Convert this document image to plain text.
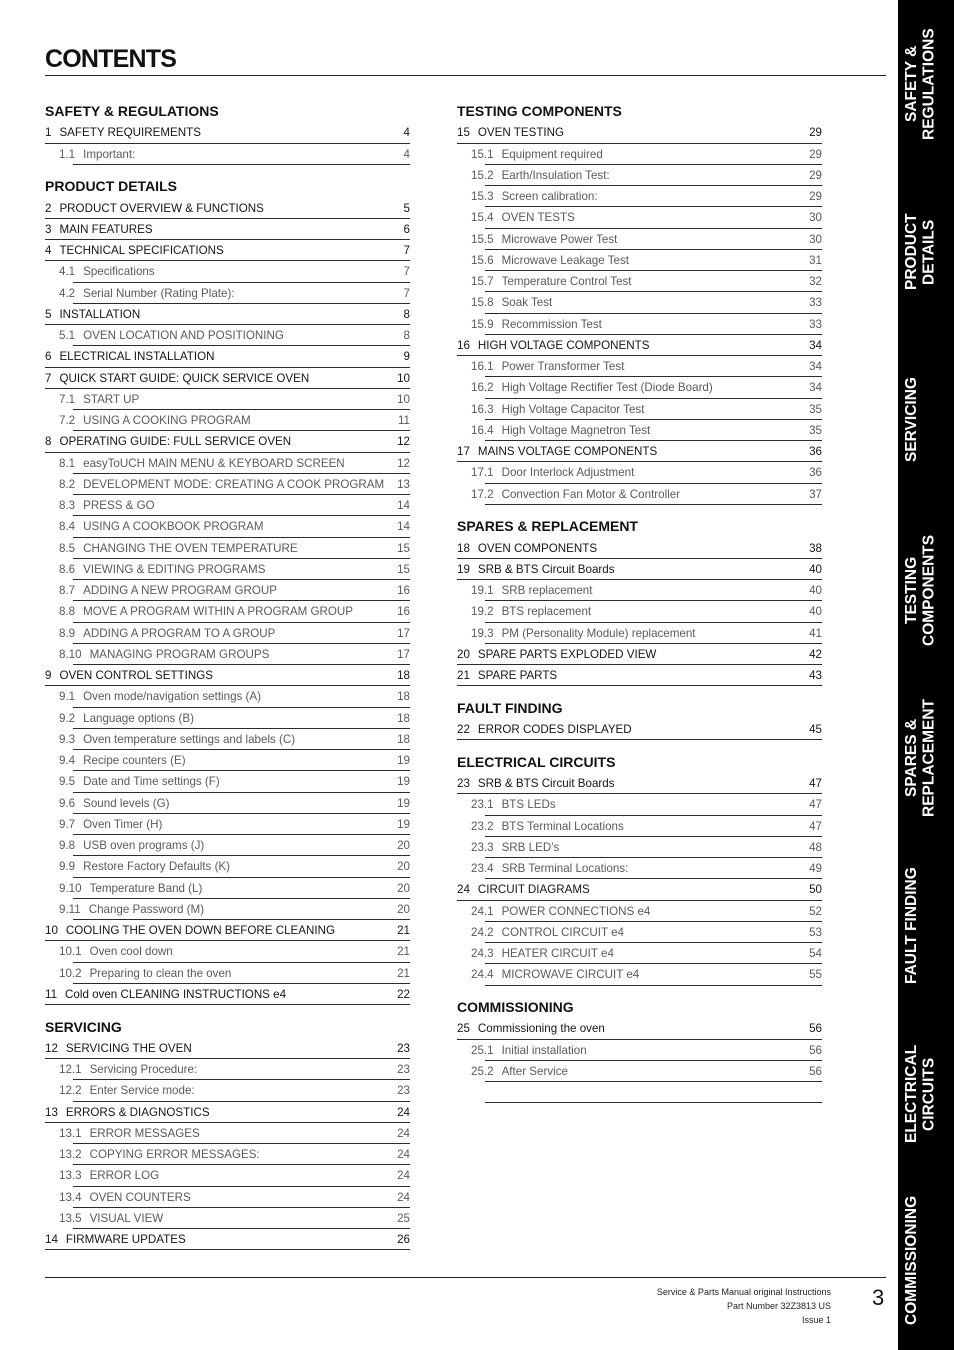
CONTENTS
SAFETY & REGULATIONS
1 SAFETY REQUIREMENTS	4
1.1 Important:	4
PRODUCT DETAILS
2 PRODUCT OVERVIEW & FUNCTIONS	5
3 MAIN FEATURES	6
4 TECHNICAL SPECIFICATIONS	7
4.1 Specifications	7
4.2 Serial Number (Rating Plate):	7
5 INSTALLATION	8
5.1 OVEN LOCATION AND POSITIONING	8
6 ELECTRICAL INSTALLATION	9
7 QUICK START GUIDE: QUICK SERVICE OVEN	10
7.1 START UP	10
7.2 USING A COOKING PROGRAM	11
8 OPERATING GUIDE: FULL SERVICE OVEN	12
8.1 easyToUCH MAIN MENU & KEYBOARD SCREEN	12
8.2 DEVELOPMENT MODE: CREATING A COOK PROGRAM	13
8.3 PRESS & GO	14
8.4 USING A COOKBOOK PROGRAM	14
8.5 CHANGING THE OVEN TEMPERATURE	15
8.6 VIEWING & EDITING PROGRAMS	15
8.7 ADDING A NEW PROGRAM GROUP	16
8.8 MOVE A PROGRAM WITHIN A PROGRAM GROUP	16
8.9 ADDING A PROGRAM TO A GROUP	17
8.10 MANAGING PROGRAM GROUPS	17
9 OVEN CONTROL SETTINGS	18
9.1 Oven mode/navigation settings (A)	18
9.2 Language options (B)	18
9.3 Oven temperature settings and labels (C)	18
9.4 Recipe counters (E)	19
9.5 Date and Time settings (F)	19
9.6 Sound levels (G)	19
9.7 Oven Timer (H)	19
9.8 USB oven programs (J)	20
9.9 Restore Factory Defaults (K)	20
9.10 Temperature Band (L)	20
9.11 Change Password (M)	20
10 COOLING THE OVEN DOWN BEFORE CLEANING	21
10.1 Oven cool down	21
10.2 Preparing to clean the oven	21
11 Cold oven CLEANING INSTRUCTIONS e4	22
SERVICING
12 SERVICING THE OVEN	23
12.1 Servicing Procedure:	23
12.2 Enter Service mode:	23
13 ERRORS & DIAGNOSTICS	24
13.1 ERROR MESSAGES	24
13.2 COPYING ERROR MESSAGES:	24
13.3 ERROR LOG	24
13.4 OVEN COUNTERS	24
13.5 VISUAL VIEW	25
14 FIRMWARE UPDATES	26
TESTING COMPONENTS
15 OVEN TESTING	29
15.1 Equipment required	29
15.2 Earth/Insulation Test:	29
15.3 Screen calibration:	29
15.4 OVEN TESTS	30
15.5 Microwave Power Test	30
15.6 Microwave Leakage Test	31
15.7 Temperature Control Test	32
15.8 Soak Test	33
15.9 Recommission Test	33
16 HIGH VOLTAGE COMPONENTS	34
16.1 Power Transformer Test	34
16.2 High Voltage Rectifier Test (Diode Board)	34
16.3 High Voltage Capacitor Test	35
16.4 High Voltage Magnetron Test	35
17 MAINS VOLTAGE COMPONENTS	36
17.1 Door Interlock Adjustment	36
17.2 Convection Fan Motor & Controller	37
SPARES & REPLACEMENT
18 OVEN COMPONENTS	38
19 SRB & BTS Circuit Boards	40
19.1 SRB replacement	40
19.2 BTS replacement	40
19.3 PM (Personality Module) replacement	41
20 SPARE PARTS EXPLODED VIEW	42
21 SPARE PARTS	43
FAULT FINDING
22 ERROR CODES DISPLAYED	45
ELECTRICAL CIRCUITS
23 SRB & BTS Circuit Boards	47
23.1 BTS LEDs	47
23.2 BTS Terminal Locations	47
23.3 SRB LED’s	48
23.4 SRB Terminal Locations:	49
24 CIRCUIT DIAGRAMS	50
24.1 POWER CONNECTIONS e4	52
24.2 CONTROL CIRCUIT e4	53
24.3 HEATER CIRCUIT e4	54
24.4 MICROWAVE CIRCUIT e4	55
COMMISSIONING
25 Commissioning the oven	56
25.1 Initial installation	56
25.2 After Service	56
SAFETY & REGULATIONS
PRODUCT DETAILS
SERVICING
TESTING COMPONENTS
SPARES & REPLACEMENT
FAULT FINDING
ELECTRICAL CIRCUITS
COMMISSIONING
Service & Parts Manual original Instructions
Part Number 32Z3813 US
Issue 1
3
